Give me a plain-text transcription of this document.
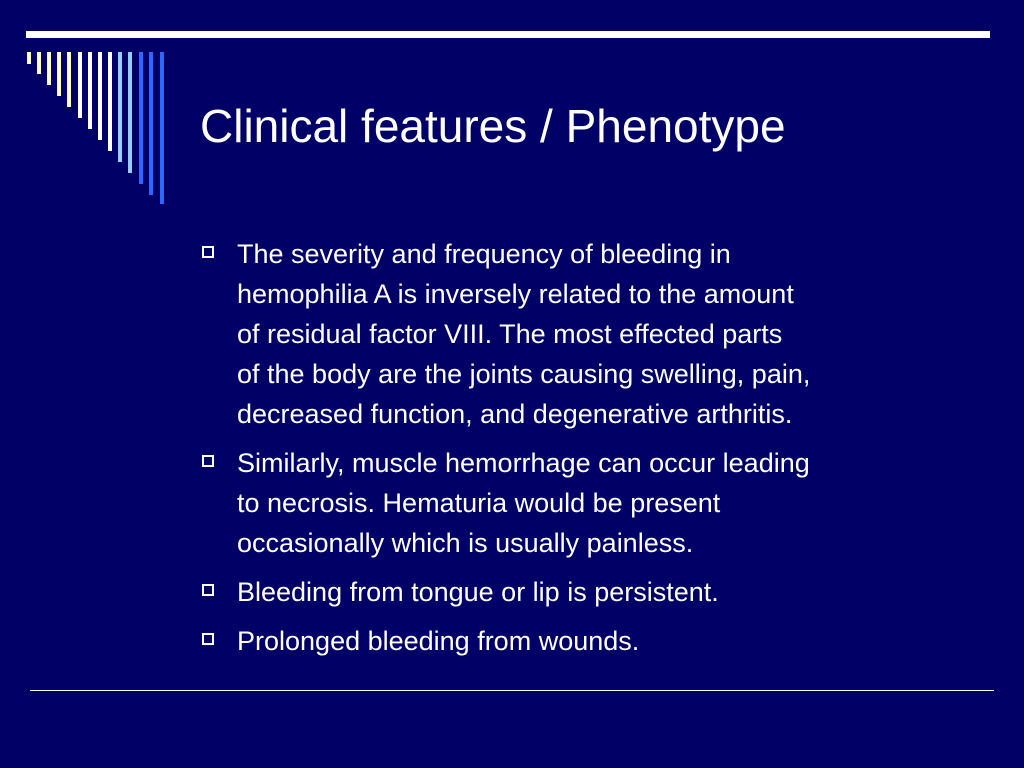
Clinical features / Phenotype
The severity and frequency of bleeding in
hemophilia A is inversely related to the amount
of residual factor VIII. The most effected parts
of the body are the joints causing swelling, pain,
decreased function, and degenerative arthritis.
Similarly, muscle hemorrhage can occur leading
to necrosis. Hematuria would be present
occasionally which is usually painless.
Bleeding from tongue or lip is persistent.
Prolonged bleeding from wounds.
